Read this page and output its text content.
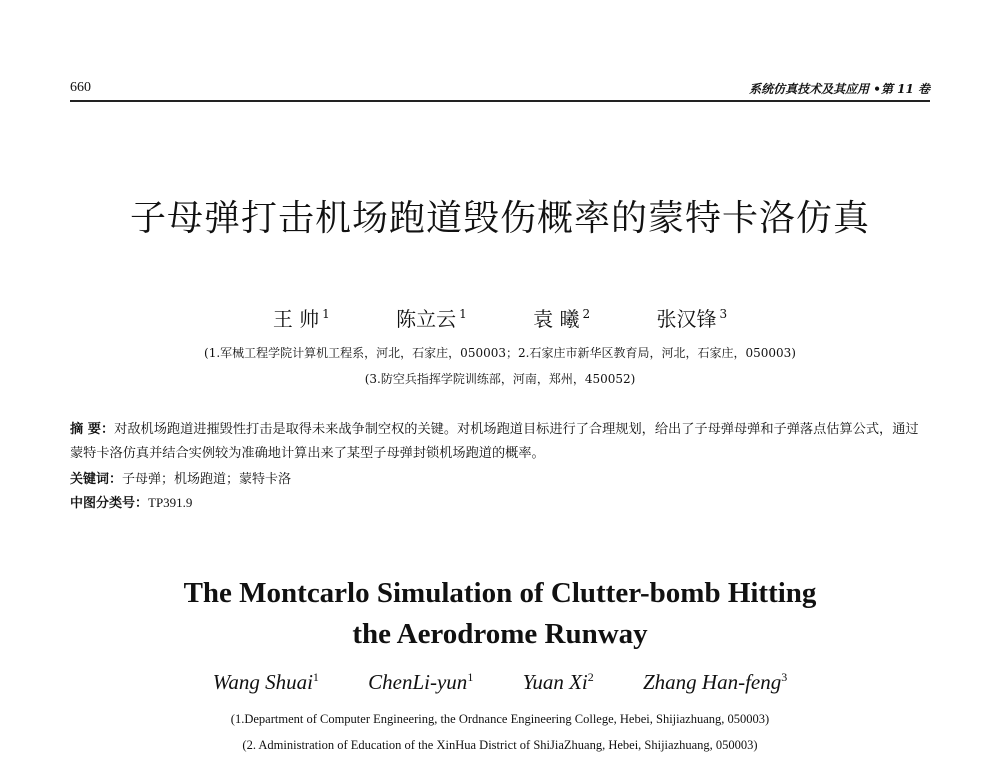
660	系统仿真技术及其应用 •第 11 卷
子母弹打击机场跑道毁伤概率的蒙特卡洛仿真
王 帅 $^1$	陈立云 $^1$	袁 曦 $^2$	张汉锋 $^3$
(1.军械工程学院计算机工程系，河北，石家庄，050003；2.石家庄市新华区教育局，河北，石家庄，050003)
(3.防空兵指挥学院训练部，河南，郑州，450052)
摘 要：对敌机场跑道进摧毁性打击是取得未来战争制空权的关键。对机场跑道目标进行了合理规划，给出了子母弹母弹和子弹落点估算公式，通过蒙特卡洛仿真并结合实例较为准确地计算出来了某型子母弹封锁机场跑道的概率。
关键词：子母弹；机场跑道；蒙特卡洛
中图分类号：TP391.9
The Montcarlo Simulation of Clutter-bomb Hitting
the Aerodrome Runway
Wang Shuai$^1$ ChenLi-yun$^1$ Yuan Xi$^2$ Zhang Han-feng$^3$
(1.Department of Computer Engineering, the Ordnance Engineering College, Hebei, Shijiazhuang, 050003)
(2. Administration of Education of the XinHua District of ShiJiaZhuang, Hebei, Shijiazhuang, 050003)
